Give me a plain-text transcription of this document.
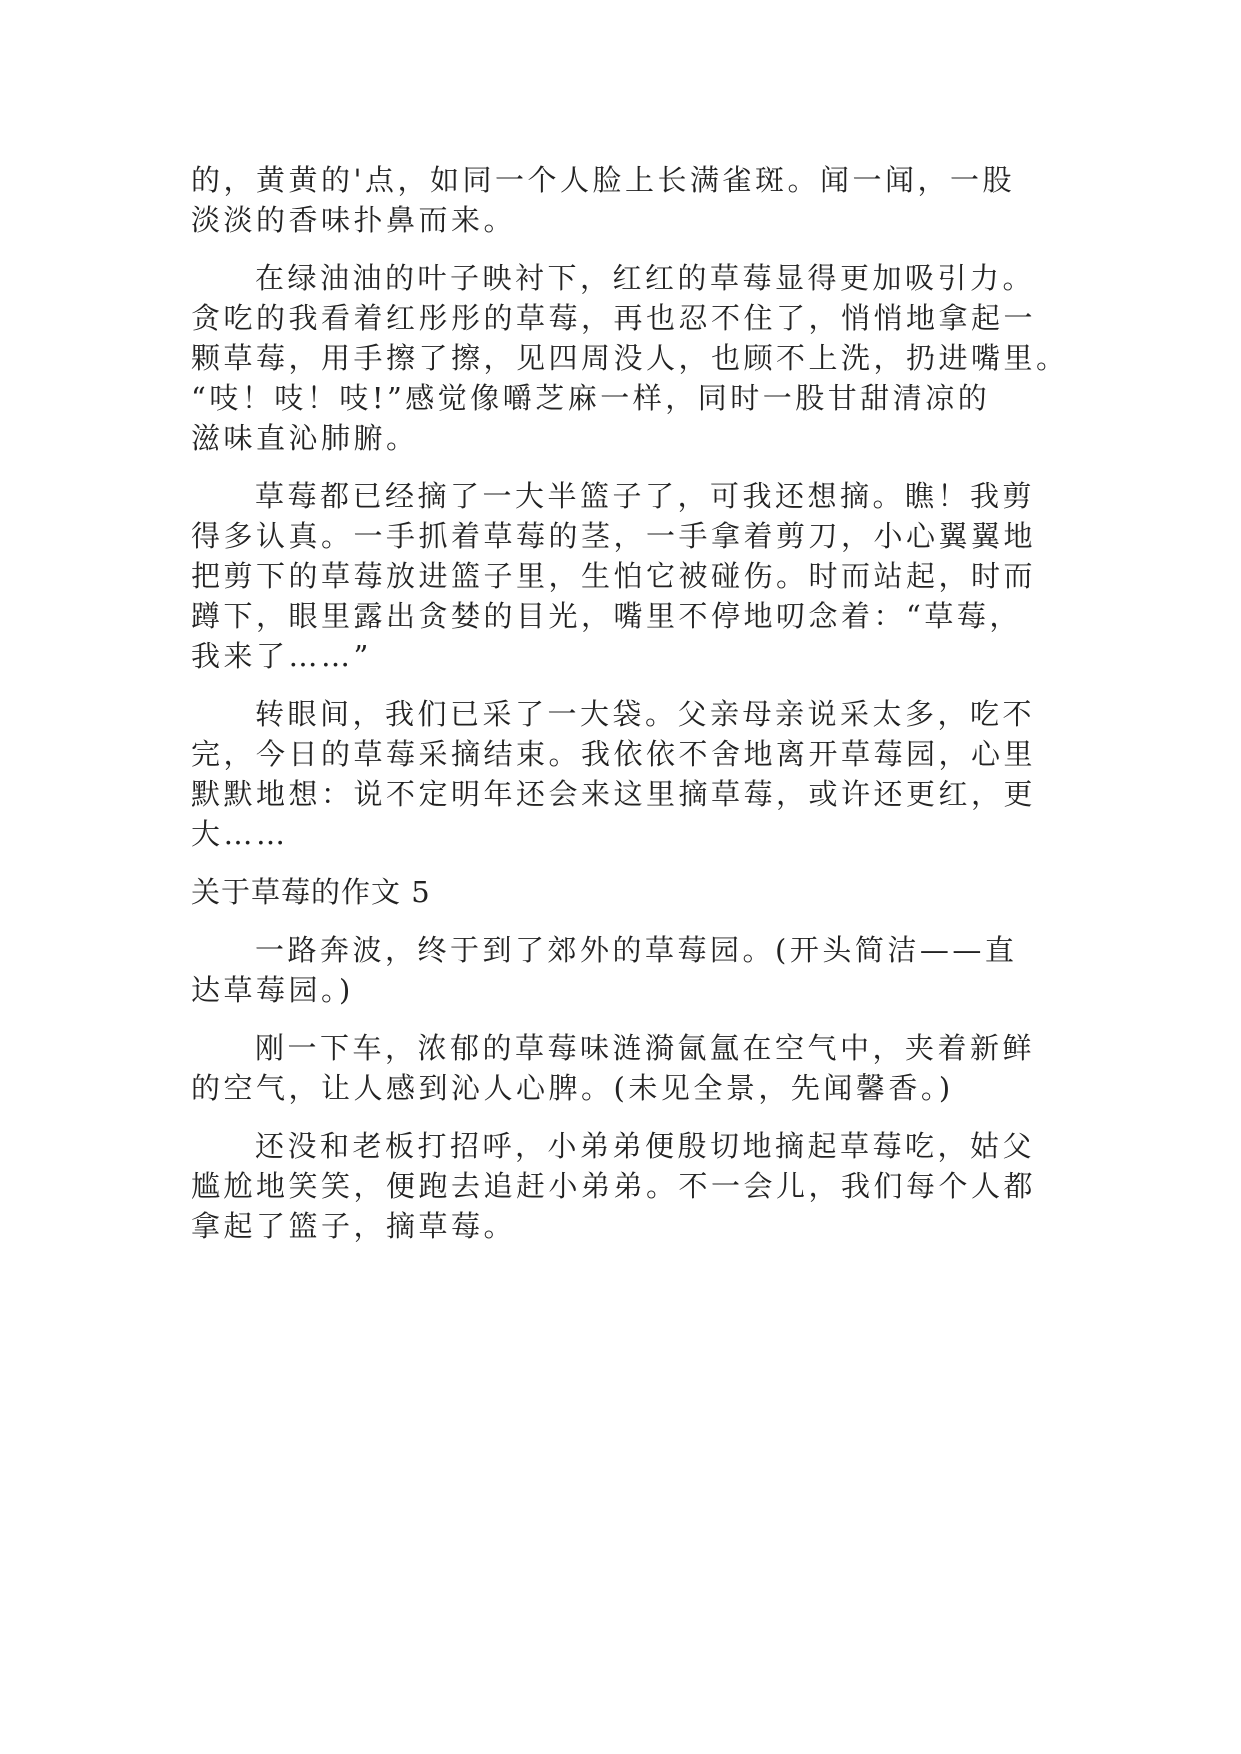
的，黄黄的'点，如同一个人脸上长满雀斑。闻一闻，一股
淡淡的香味扑鼻而来。
在绿油油的叶子映衬下，红红的草莓显得更加吸引力。
贪吃的我看着红彤彤的草莓，再也忍不住了，悄悄地拿起一
颗草莓，用手擦了擦，见四周没人，也顾不上洗，扔进嘴里。
“吱！吱！吱!”感觉像嚼芝麻一样，同时一股甘甜清凉的
滋味直沁肺腑。
草莓都已经摘了一大半篮子了，可我还想摘。瞧！我剪
得多认真。一手抓着草莓的茎，一手拿着剪刀，小心翼翼地
把剪下的草莓放进篮子里，生怕它被碰伤。时而站起，时而
蹲下，眼里露出贪婪的目光，嘴里不停地叨念着：“草莓，
我来了……”
转眼间，我们已采了一大袋。父亲母亲说采太多，吃不
完，今日的草莓采摘结束。我依依不舍地离开草莓园，心里
默默地想：说不定明年还会来这里摘草莓，或许还更红，更
大……
关于草莓的作文 5
一路奔波，终于到了郊外的草莓园。(开头简洁——直
达草莓园。)
刚一下车，浓郁的草莓味涟漪氤氲在空气中，夹着新鲜
的空气，让人感到沁人心脾。(未见全景，先闻馨香。)
还没和老板打招呼，小弟弟便殷切地摘起草莓吃，姑父
尴尬地笑笑，便跑去追赶小弟弟。不一会儿，我们每个人都
拿起了篮子，摘草莓。
